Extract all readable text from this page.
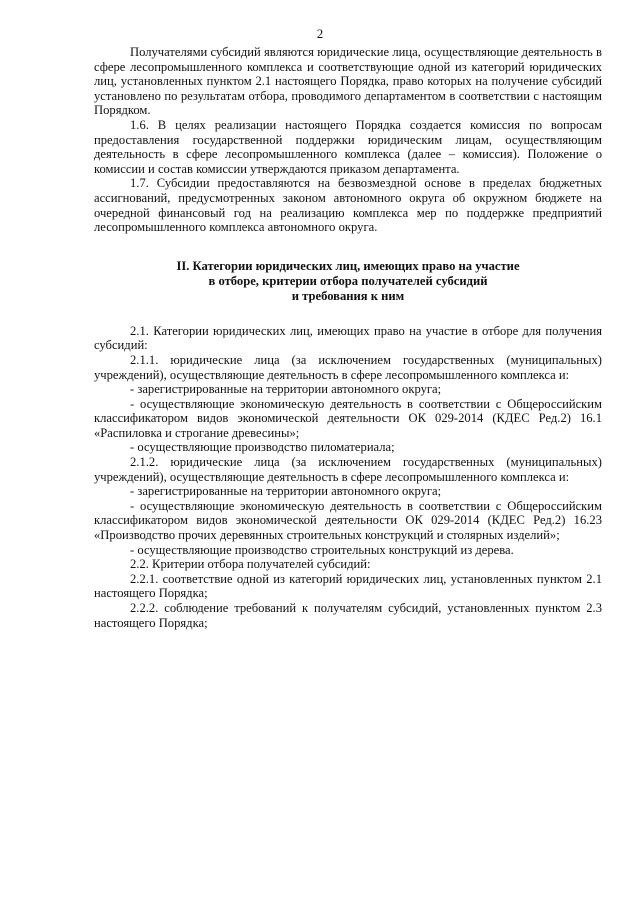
2

Получателями субсидий являются юридические лица, осуществляющие деятельность в сфере лесопромышленного комплекса и соответствующие одной из категорий юридических лиц, установленных пунктом 2.1 настоящего Порядка, право которых на получение субсидий установлено по результатам отбора, проводимого департаментом в соответствии с настоящим Порядком.

1.6. В целях реализации настоящего Порядка создается комиссия по вопросам предоставления государственной поддержки юридическим лицам, осуществляющим деятельность в сфере лесопромышленного комплекса (далее – комиссия). Положение о комиссии и состав комиссии утверждаются приказом департамента.

1.7. Субсидии предоставляются на безвозмездной основе в пределах бюджетных ассигнований, предусмотренных законом автономного округа об окружном бюджете на очередной финансовый год на реализацию комплекса мер по поддержке предприятий лесопромышленного комплекса автономного округа.

II. Категории юридических лиц, имеющих право на участие
в отборе, критерии отбора получателей субсидий
и требования к ним

2.1. Категории юридических лиц, имеющих право на участие в отборе для получения субсидий:

2.1.1. юридические лица (за исключением государственных (муниципальных) учреждений), осуществляющие деятельность в сфере лесопромышленного комплекса и:

- зарегистрированные на территории автономного округа;

- осуществляющие экономическую деятельность в соответствии с Общероссийским классификатором видов экономической деятельности ОК 029-2014 (КДЕС Ред.2) 16.1 «Распиловка и строгание древесины»;

- осуществляющие производство пиломатериала;

2.1.2. юридические лица (за исключением государственных (муниципальных) учреждений), осуществляющие деятельность в сфере лесопромышленного комплекса и:

- зарегистрированные на территории автономного округа;

- осуществляющие экономическую деятельность в соответствии с Общероссийским классификатором видов экономической деятельности ОК 029-2014 (КДЕС Ред.2) 16.23 «Производство прочих деревянных строительных конструкций и столярных изделий»;

- осуществляющие производство строительных конструкций из дерева.

2.2. Критерии отбора получателей субсидий:

2.2.1. соответствие одной из категорий юридических лиц, установленных пунктом 2.1 настоящего Порядка;

2.2.2. соблюдение требований к получателям субсидий, установленных пунктом 2.3 настоящего Порядка;
